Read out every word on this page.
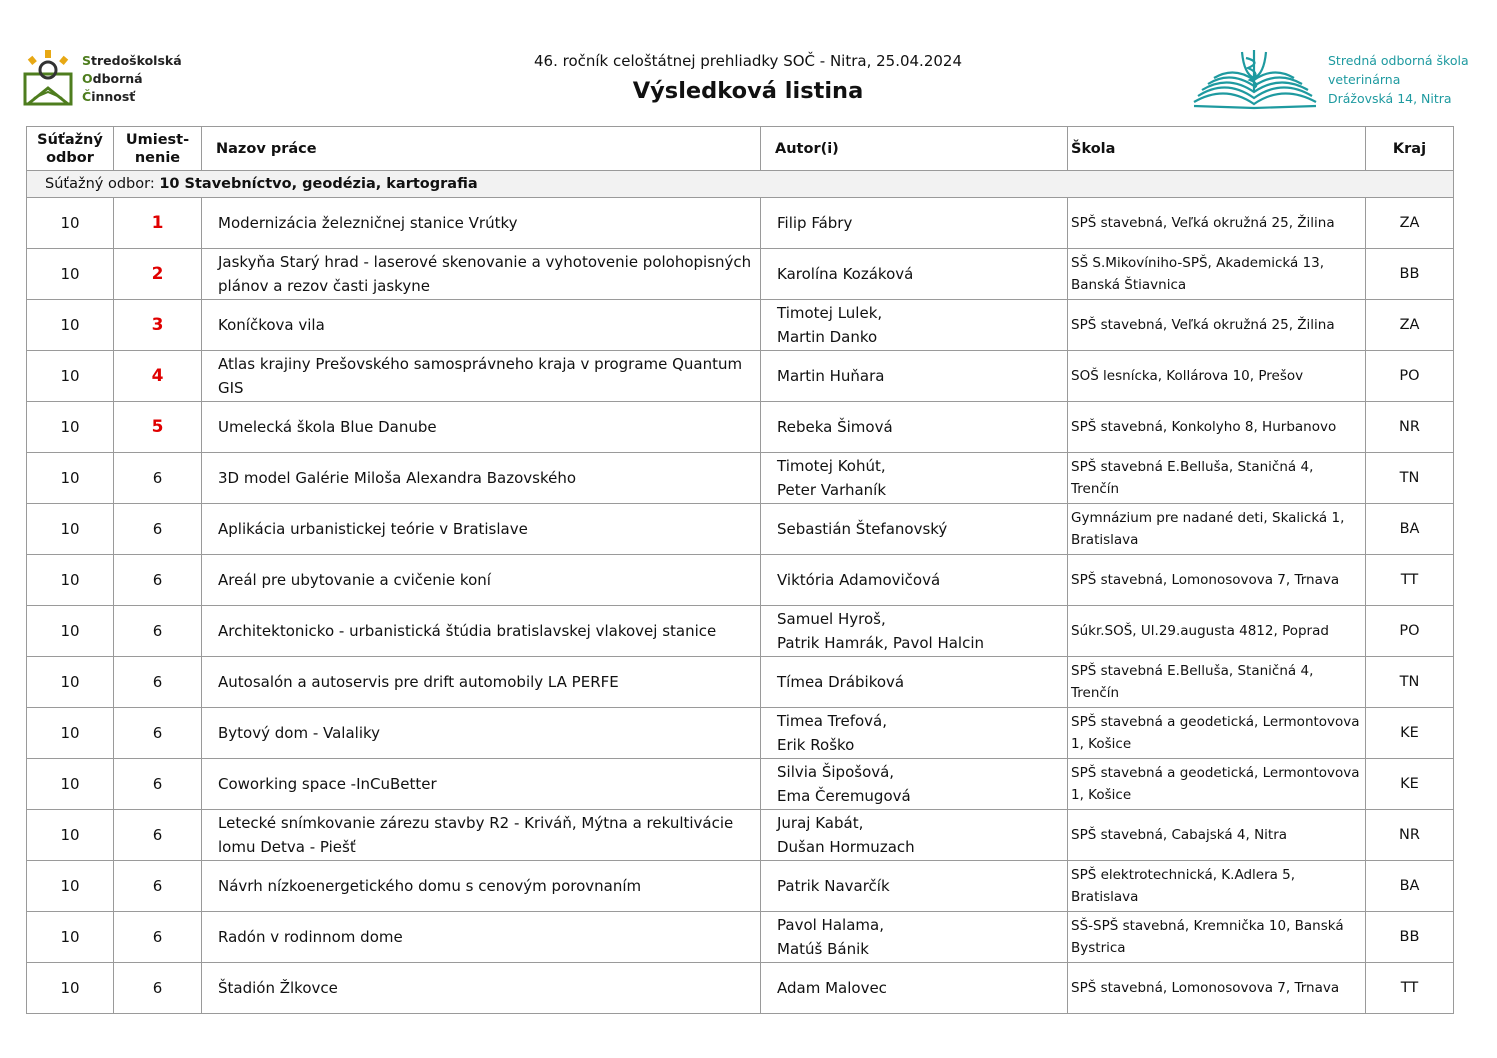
Stredoškolská
Odborná
Činnosť
46. ročník celoštátnej prehliadky SOČ - Nitra, 25.04.2024
Výsledková listina
Stredná odborná škola
veterinárna
Drážovská 14, Nitra
Súťažný
odbor	Umiest-
nenie	Nazov práce	Autor(i)	Škola	Kraj
Súťažný odbor: 10 Stavebníctvo, geodézia, kartografia					
10	1	Modernizácia železničnej stanice Vrútky	Filip Fábry	SPŠ stavebná, Veľká okružná 25, Žilina	ZA
10	2	Jaskyňa Starý hrad - laserové skenovanie a vyhotovenie polohopisných plánov a rezov časti jaskyne	Karolína Kozáková	SŠ S.Mikovíniho-SPŠ, Akademická 13, Banská Štiavnica	BB
10	3	Koníčkova vila	Timotej Lulek,
Martin Danko	SPŠ stavebná, Veľká okružná 25, Žilina	ZA
10	4	Atlas krajiny Prešovského samosprávneho kraja v programe Quantum GIS	Martin Huňara	SOŠ lesnícka, Kollárova 10, Prešov	PO
10	5	Umelecká škola Blue Danube	Rebeka Šimová	SPŠ stavebná, Konkolyho 8, Hurbanovo	NR
10	6	3D model Galérie Miloša Alexandra Bazovského	Timotej Kohút,
Peter Varhaník	SPŠ stavebná E.Belluša, Staničná 4, Trenčín	TN
10	6	Aplikácia urbanistickej teórie v Bratislave	Sebastián Štefanovský	Gymnázium pre nadané deti, Skalická 1, Bratislava	BA
10	6	Areál pre ubytovanie a cvičenie koní	Viktória Adamovičová	SPŠ stavebná, Lomonosovova 7, Trnava	TT
10	6	Architektonicko - urbanistická štúdia bratislavskej vlakovej stanice	Samuel Hyroš,
Patrik Hamrák, Pavol Halcin	Súkr.SOŠ, Ul.29.augusta 4812, Poprad	PO
10	6	Autosalón a autoservis pre drift automobily LA PERFE	Tímea Drábiková	SPŠ stavebná E.Belluša, Staničná 4, Trenčín	TN
10	6	Bytový dom - Valaliky	Timea Trefová,
Erik Roško	SPŠ stavebná a geodetická, Lermontovova 1, Košice	KE
10	6	Coworking space -InCuBetter	Silvia Šipošová,
Ema Čeremugová	SPŠ stavebná a geodetická, Lermontovova 1, Košice	KE
10	6	Letecké snímkovanie zárezu stavby R2 - Kriváň, Mýtna a rekultivácie lomu Detva - Piešť	Juraj Kabát,
Dušan Hormuzach	SPŠ stavebná, Cabajská 4, Nitra	NR
10	6	Návrh nízkoenergetického domu s cenovým porovnaním	Patrik Navarčík	SPŠ elektrotechnická, K.Adlera 5, Bratislava	BA
10	6	Radón v rodinnom dome	Pavol Halama,
Matúš Bánik	SŠ-SPŠ stavebná, Kremnička 10, Banská Bystrica	BB
10	6	Štadión Žlkovce	Adam Malovec	SPŠ stavebná, Lomonosovova 7, Trnava	TT
